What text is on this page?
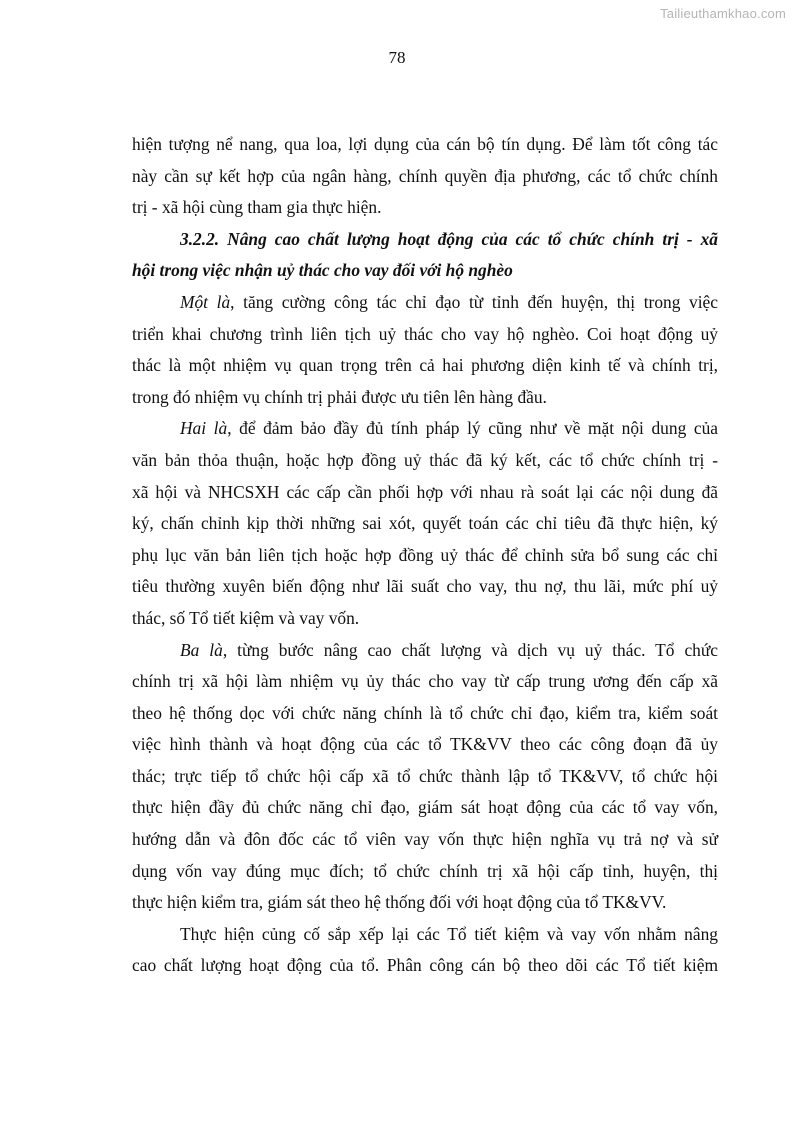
Tailieuthamkhao.com
78

hiện tượng nể nang, qua loa, lợi dụng của cán bộ tín dụng. Để làm tốt công tác
này cần sự kết hợp của ngân hàng, chính quyền địa phương, các tổ chức chính
trị - xã hội cùng tham gia thực hiện.

3.2.2. Nâng cao chất lượng hoạt động của các tổ chức chính trị - xã
hội trong việc nhận uỷ thác cho vay đối với hộ nghèo

Một là, tăng cường công tác chỉ đạo từ tỉnh đến huyện, thị trong việc
triển khai chương trình liên tịch uỷ thác cho vay hộ nghèo. Coi hoạt động uỷ
thác là một nhiệm vụ quan trọng trên cả hai phương diện kinh tế và chính trị,
trong đó nhiệm vụ chính trị phải được ưu tiên lên hàng đầu.

Hai là, để đảm bảo đầy đủ tính pháp lý cũng như về mặt nội dung của
văn bản thỏa thuận, hoặc hợp đồng uỷ thác đã ký kết, các tổ chức chính trị -
xã hội và NHCSXH các cấp cần phối hợp với nhau rà soát lại các nội dung đã
ký, chấn chỉnh kịp thời những sai xót, quyết toán các chỉ tiêu đã thực hiện, ký
phụ lục văn bản liên tịch hoặc hợp đồng uỷ thác để chỉnh sửa bổ sung các chỉ
tiêu thường xuyên biến động như lãi suất cho vay, thu nợ, thu lãi, mức phí uỷ
thác, số Tổ tiết kiệm và vay vốn.

Ba là, từng bước nâng cao chất lượng và dịch vụ uỷ thác. Tổ chức
chính trị xã hội làm nhiệm vụ ủy thác cho vay từ cấp trung ương đến cấp xã
theo hệ thống dọc với chức năng chính là tổ chức chỉ đạo, kiểm tra, kiểm soát
việc hình thành và hoạt động của các tổ TK&VV theo các công đoạn đã ủy
thác; trực tiếp tổ chức hội cấp xã tổ chức thành lập tổ TK&VV, tổ chức hội
thực hiện đầy đủ chức năng chỉ đạo, giám sát hoạt động của các tổ vay vốn,
hướng dẫn và đôn đốc các tổ viên vay vốn thực hiện nghĩa vụ trả nợ và sử
dụng vốn vay đúng mục đích; tổ chức chính trị xã hội cấp tỉnh, huyện, thị
thực hiện kiểm tra, giám sát theo hệ thống đối với hoạt động của tổ TK&VV.

Thực hiện củng cố sắp xếp lại các Tổ tiết kiệm và vay vốn nhằm nâng
cao chất lượng hoạt động của tổ. Phân công cán bộ theo dõi các Tổ tiết kiệm
